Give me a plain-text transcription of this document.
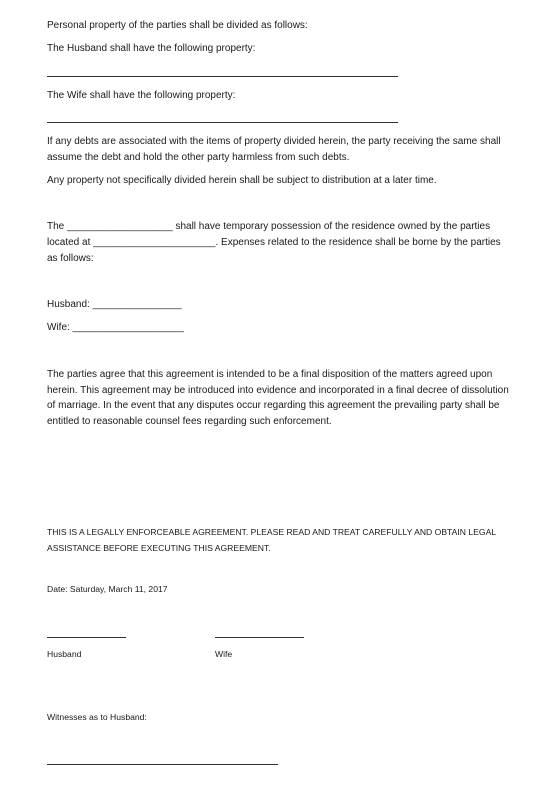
Personal property of the parties shall be divided as follows:

The Husband shall have the following property:

The Wife shall have the following property:

If any debts are associated with the items of property divided herein, the party receiving the same shall assume the debt and hold the other party harmless from such debts.

Any property not specifically divided herein shall be subject to distribution at a later time.

The ___________________ shall have temporary possession of the residence owned by the parties

located at ______________________. Expenses related to the residence shall be borne by the parties

as follows:

Husband: ________________

Wife: ____________________

The parties agree that this agreement is intended to be a final disposition of the matters agreed upon herein. This agreement may be introduced into evidence and incorporated in a final decree of dissolution of marriage. In the event that any disputes occur regarding this agreement the prevailing party shall be entitled to reasonable counsel fees regarding such enforcement.

THIS IS A LEGALLY ENFORCEABLE AGREEMENT. PLEASE READ AND TREAT CAREFULLY AND OBTAIN LEGAL ASSISTANCE BEFORE EXECUTING THIS AGREEMENT.

Date: Saturday, March 11, 2017

Husband	Wife

Witnesses as to Husband:
